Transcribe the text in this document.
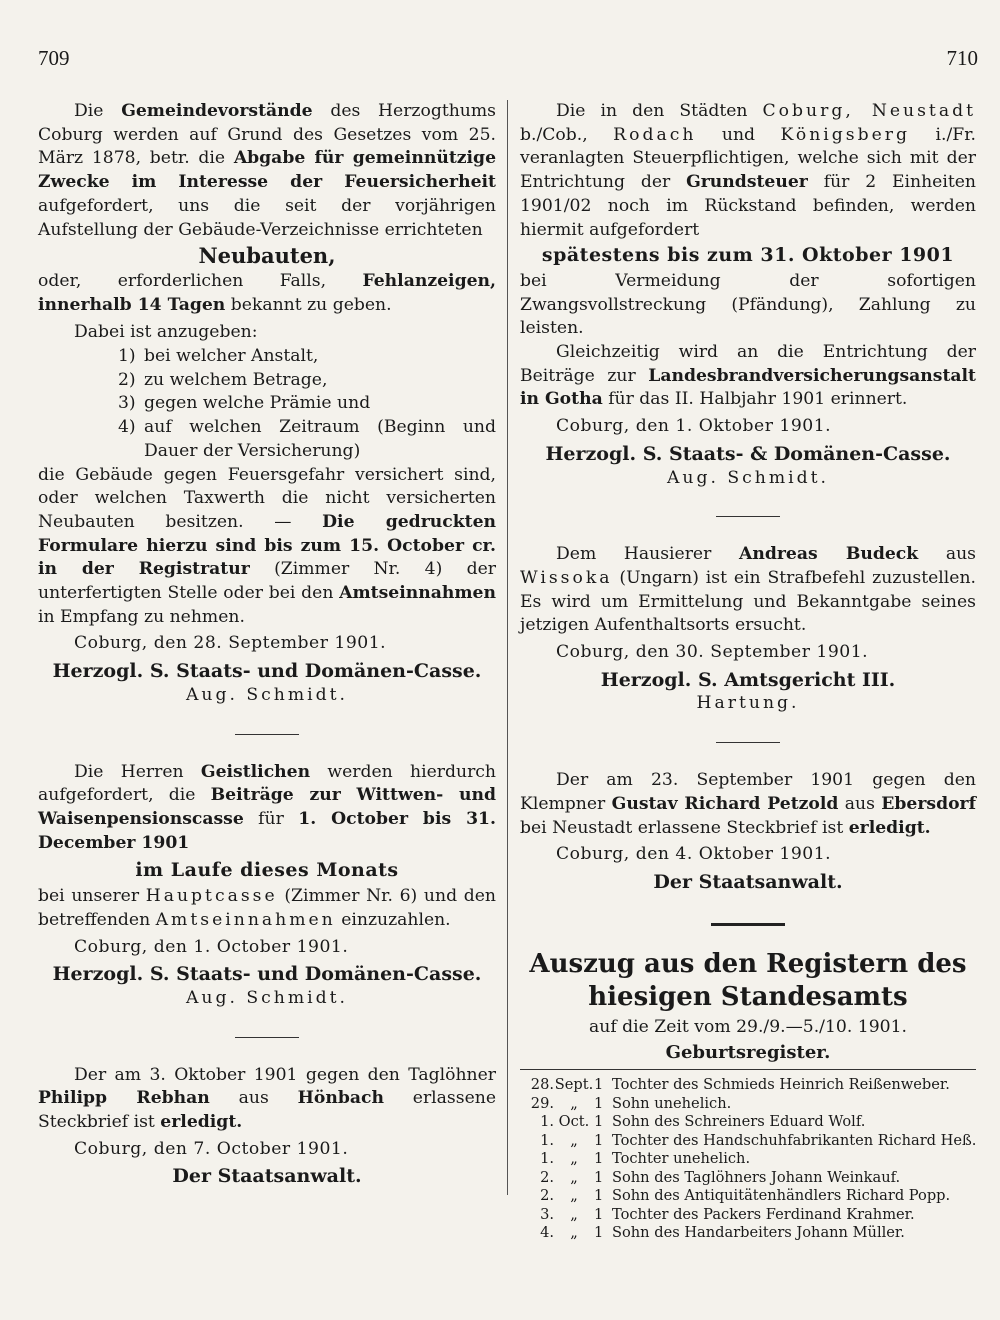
709	710

Die Gemeindevorstände des Herzogthums Coburg werden auf Grund des Gesetzes vom 25. März 1878, betr. die Abgabe für gemeinnützige Zwecke im Interesse der Feuersicherheit aufgefordert, uns die seit der vorjährigen Aufstellung der Gebäude-Verzeichnisse errichteten

Neubauten,

oder, erforderlichen Falls, Fehlanzeigen, innerhalb 14 Tagen bekannt zu geben.

Dabei ist anzugeben:

1) bei welcher Anstalt,
2) zu welchem Betrage,
3) gegen welche Prämie und
4) auf welchen Zeitraum (Beginn und Dauer der Versicherung)

die Gebäude gegen Feuersgefahr versichert sind, oder welchen Taxwerth die nicht versicherten Neubauten besitzen. — Die gedruckten Formulare hierzu sind bis zum 15. October cr. in der Registratur (Zimmer Nr. 4) der unterfertigten Stelle oder bei den Amtseinnahmen in Empfang zu nehmen.

Coburg, den 28. September 1901.

Herzogl. S. Staats- und Domänen-Casse.

Aug. Schmidt.

Die Herren Geistlichen werden hierdurch aufgefordert, die Beiträge zur Wittwen- und Waisenpensionscasse für 1. October bis 31. December 1901

im Laufe dieses Monats

bei unserer Hauptcasse (Zimmer Nr. 6) und den betreffenden Amtseinnahmen einzuzahlen.

Coburg, den 1. October 1901.

Herzogl. S. Staats- und Domänen-Casse.

Aug. Schmidt.

Der am 3. Oktober 1901 gegen den Taglöhner Philipp Rebhan aus Hönbach erlassene Steckbrief ist erledigt.

Coburg, den 7. October 1901.

Der Staatsanwalt.

Die in den Städten Coburg, Neustadt b./Cob., Rodach und Königsberg i./Fr. veranlagten Steuerpflichtigen, welche sich mit der Entrichtung der Grundsteuer für 2 Einheiten 1901/02 noch im Rückstand befinden, werden hiermit aufgefordert

spätestens bis zum 31. Oktober 1901

bei Vermeidung der sofortigen Zwangsvollstreckung (Pfändung), Zahlung zu leisten.

Gleichzeitig wird an die Entrichtung der Beiträge zur Landesbrandversicherungsanstalt in Gotha für das II. Halbjahr 1901 erinnert.

Coburg, den 1. Oktober 1901.

Herzogl. S. Staats- & Domänen-Casse.

Aug. Schmidt.

Dem Hausierer Andreas Budeck aus Wissoka (Ungarn) ist ein Strafbefehl zuzustellen. Es wird um Ermittelung und Bekanntgabe seines jetzigen Aufenthaltsorts ersucht.

Coburg, den 30. September 1901.

Herzogl. S. Amtsgericht III.

Hartung.

Der am 23. September 1901 gegen den Klempner Gustav Richard Petzold aus Ebersdorf bei Neustadt erlassene Steckbrief ist erledigt.

Coburg, den 4. Oktober 1901.

Der Staatsanwalt.

Auszug aus den Registern des hiesigen Standesamts

auf die Zeit vom 29./9.—5./10. 1901.

Geburtsregister.

28.Sept.1 Tochter des Schmieds Heinrich Reißenweber.
29. „ 1 Sohn unehelich.
1. Oct. 1 Sohn des Schreiners Eduard Wolf.
1. „ 1 Tochter des Handschuhfabrikanten Richard Heß.
1. „ 1 Tochter unehelich.
2. „ 1 Sohn des Taglöhners Johann Weinkauf.
2. „ 1 Sohn des Antiquitätenhändlers Richard Popp.
3. „ 1 Tochter des Packers Ferdinand Krahmer.
4. „ 1 Sohn des Handarbeiters Johann Müller.
